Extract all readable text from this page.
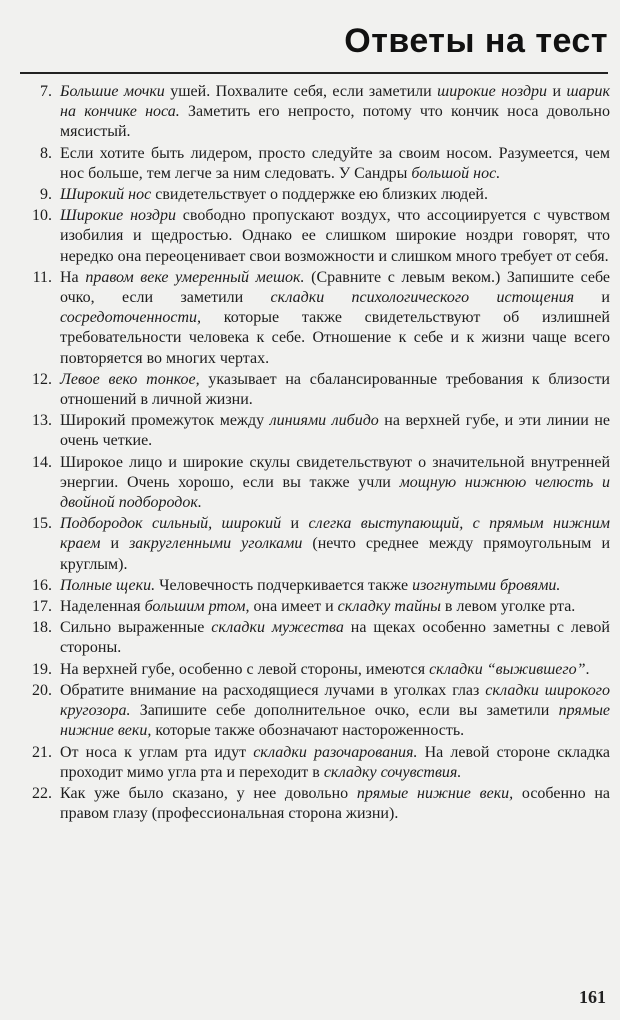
Ответы на тест
7. Большие мочки ушей. Похвалите себя, если заметили широкие ноздри и шарик на кончике носа. Заметить его непросто, потому что кончик носа довольно мясистый.
8. Если хотите быть лидером, просто следуйте за своим носом. Разумеется, чем нос больше, тем легче за ним следовать. У Сандры большой нос.
9. Широкий нос свидетельствует о поддержке ею близких людей.
10. Широкие ноздри свободно пропускают воздух, что ассоциируется с чувством изобилия и щедростью. Однако ее слишком широкие ноздри говорят, что нередко она переоценивает свои возможности и слишком много требует от себя.
11. На правом веке умеренный мешок. (Сравните с левым веком.) Запишите себе очко, если заметили складки психологического истощения и сосредоточенности, которые также свидетельствуют об излишней требовательности человека к себе. Отношение к себе и к жизни чаще всего повторяется во многих чертах.
12. Левое веко тонкое, указывает на сбалансированные требования к близости отношений в личной жизни.
13. Широкий промежуток между линиями либидо на верхней губе, и эти линии не очень четкие.
14. Широкое лицо и широкие скулы свидетельствуют о значительной внутренней энергии. Очень хорошо, если вы также учли мощную нижнюю челюсть и двойной подбородок.
15. Подбородок сильный, широкий и слегка выступающий, с прямым нижним краем и закругленными уголками (нечто среднее между прямоугольным и круглым).
16. Полные щеки. Человечность подчеркивается также изогнутыми бровями.
17. Наделенная большим ртом, она имеет и складку тайны в левом уголке рта.
18. Сильно выраженные складки мужества на щеках особенно заметны с левой стороны.
19. На верхней губе, особенно с левой стороны, имеются складки “выжившего”.
20. Обратите внимание на расходящиеся лучами в уголках глаз складки широкого кругозора. Запишите себе дополнительное очко, если вы заметили прямые нижние веки, которые также обозначают настороженность.
21. От носа к углам рта идут складки разочарования. На левой стороне складка проходит мимо угла рта и переходит в складку сочувствия.
22. Как уже было сказано, у нее довольно прямые нижние веки, особенно на правом глазу (профессиональная сторона жизни).
161
